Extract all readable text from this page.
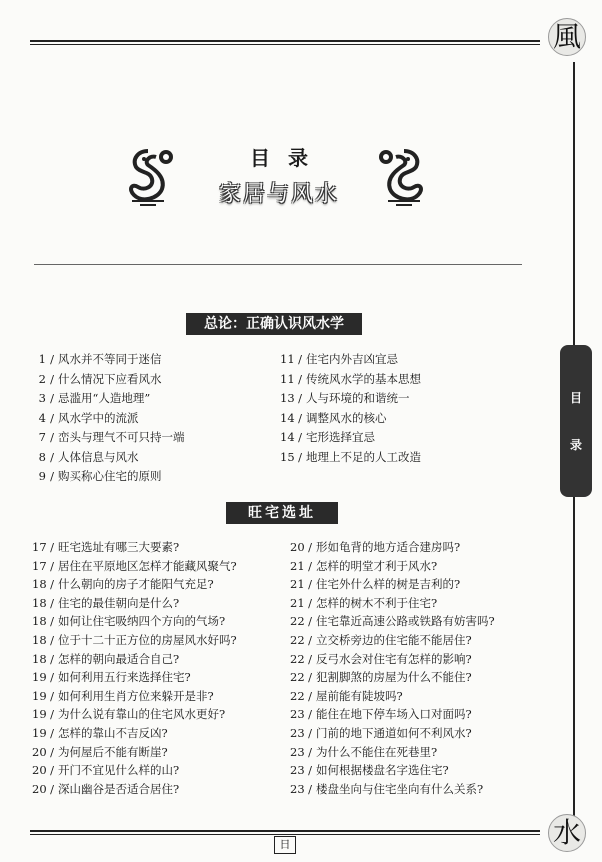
風
水
目录
家居与风水
目
录
总论：正确认识风水学
1 / 风水并不等同于迷信
2 / 什么情况下应看风水
3 / 忌滥用“人造地理”
4 / 风水学中的流派
7 / 峦头与理气不可只持一端
8 / 人体信息与风水
9 / 购买称心住宅的原则
11 / 住宅内外吉凶宜忌
11 / 传统风水学的基本思想
13 / 人与环境的和谐统一
14 / 调整风水的核心
14 / 宅形选择宜忌
15 / 地理上不足的人工改造
旺宅选址
17 / 旺宅选址有哪三大要素?
17 / 居住在平原地区怎样才能藏风聚气?
18 / 什么朝向的房子才能阳气充足?
18 / 住宅的最佳朝向是什么?
18 / 如何让住宅吸纳四个方向的气场?
18 / 位于十二十正方位的房屋风水好吗?
18 / 怎样的朝向最适合自己?
19 / 如何利用五行来选择住宅?
19 / 如何利用生肖方位来躲开是非?
19 / 为什么说有靠山的住宅风水更好?
19 / 怎样的靠山不吉反凶?
20 / 为何屋后不能有断崖?
20 / 开门不宜见什么样的山?
20 / 深山幽谷是否适合居住?
20 / 形如龟背的地方适合建房吗?
21 / 怎样的明堂才利于风水?
21 / 住宅外什么样的树是吉利的?
21 / 怎样的树木不利于住宅?
22 / 住宅靠近高速公路或铁路有妨害吗?
22 / 立交桥旁边的住宅能不能居住?
22 / 反弓水会对住宅有怎样的影响?
22 / 犯割脚煞的房屋为什么不能住?
22 / 屋前能有陡坡吗?
23 / 能住在地下停车场入口对面吗?
23 / 门前的地下通道如何不利风水?
23 / 为什么不能住在死巷里?
23 / 如何根据楼盘名字选住宅?
23 / 楼盘坐向与住宅坐向有什么关系?
日
